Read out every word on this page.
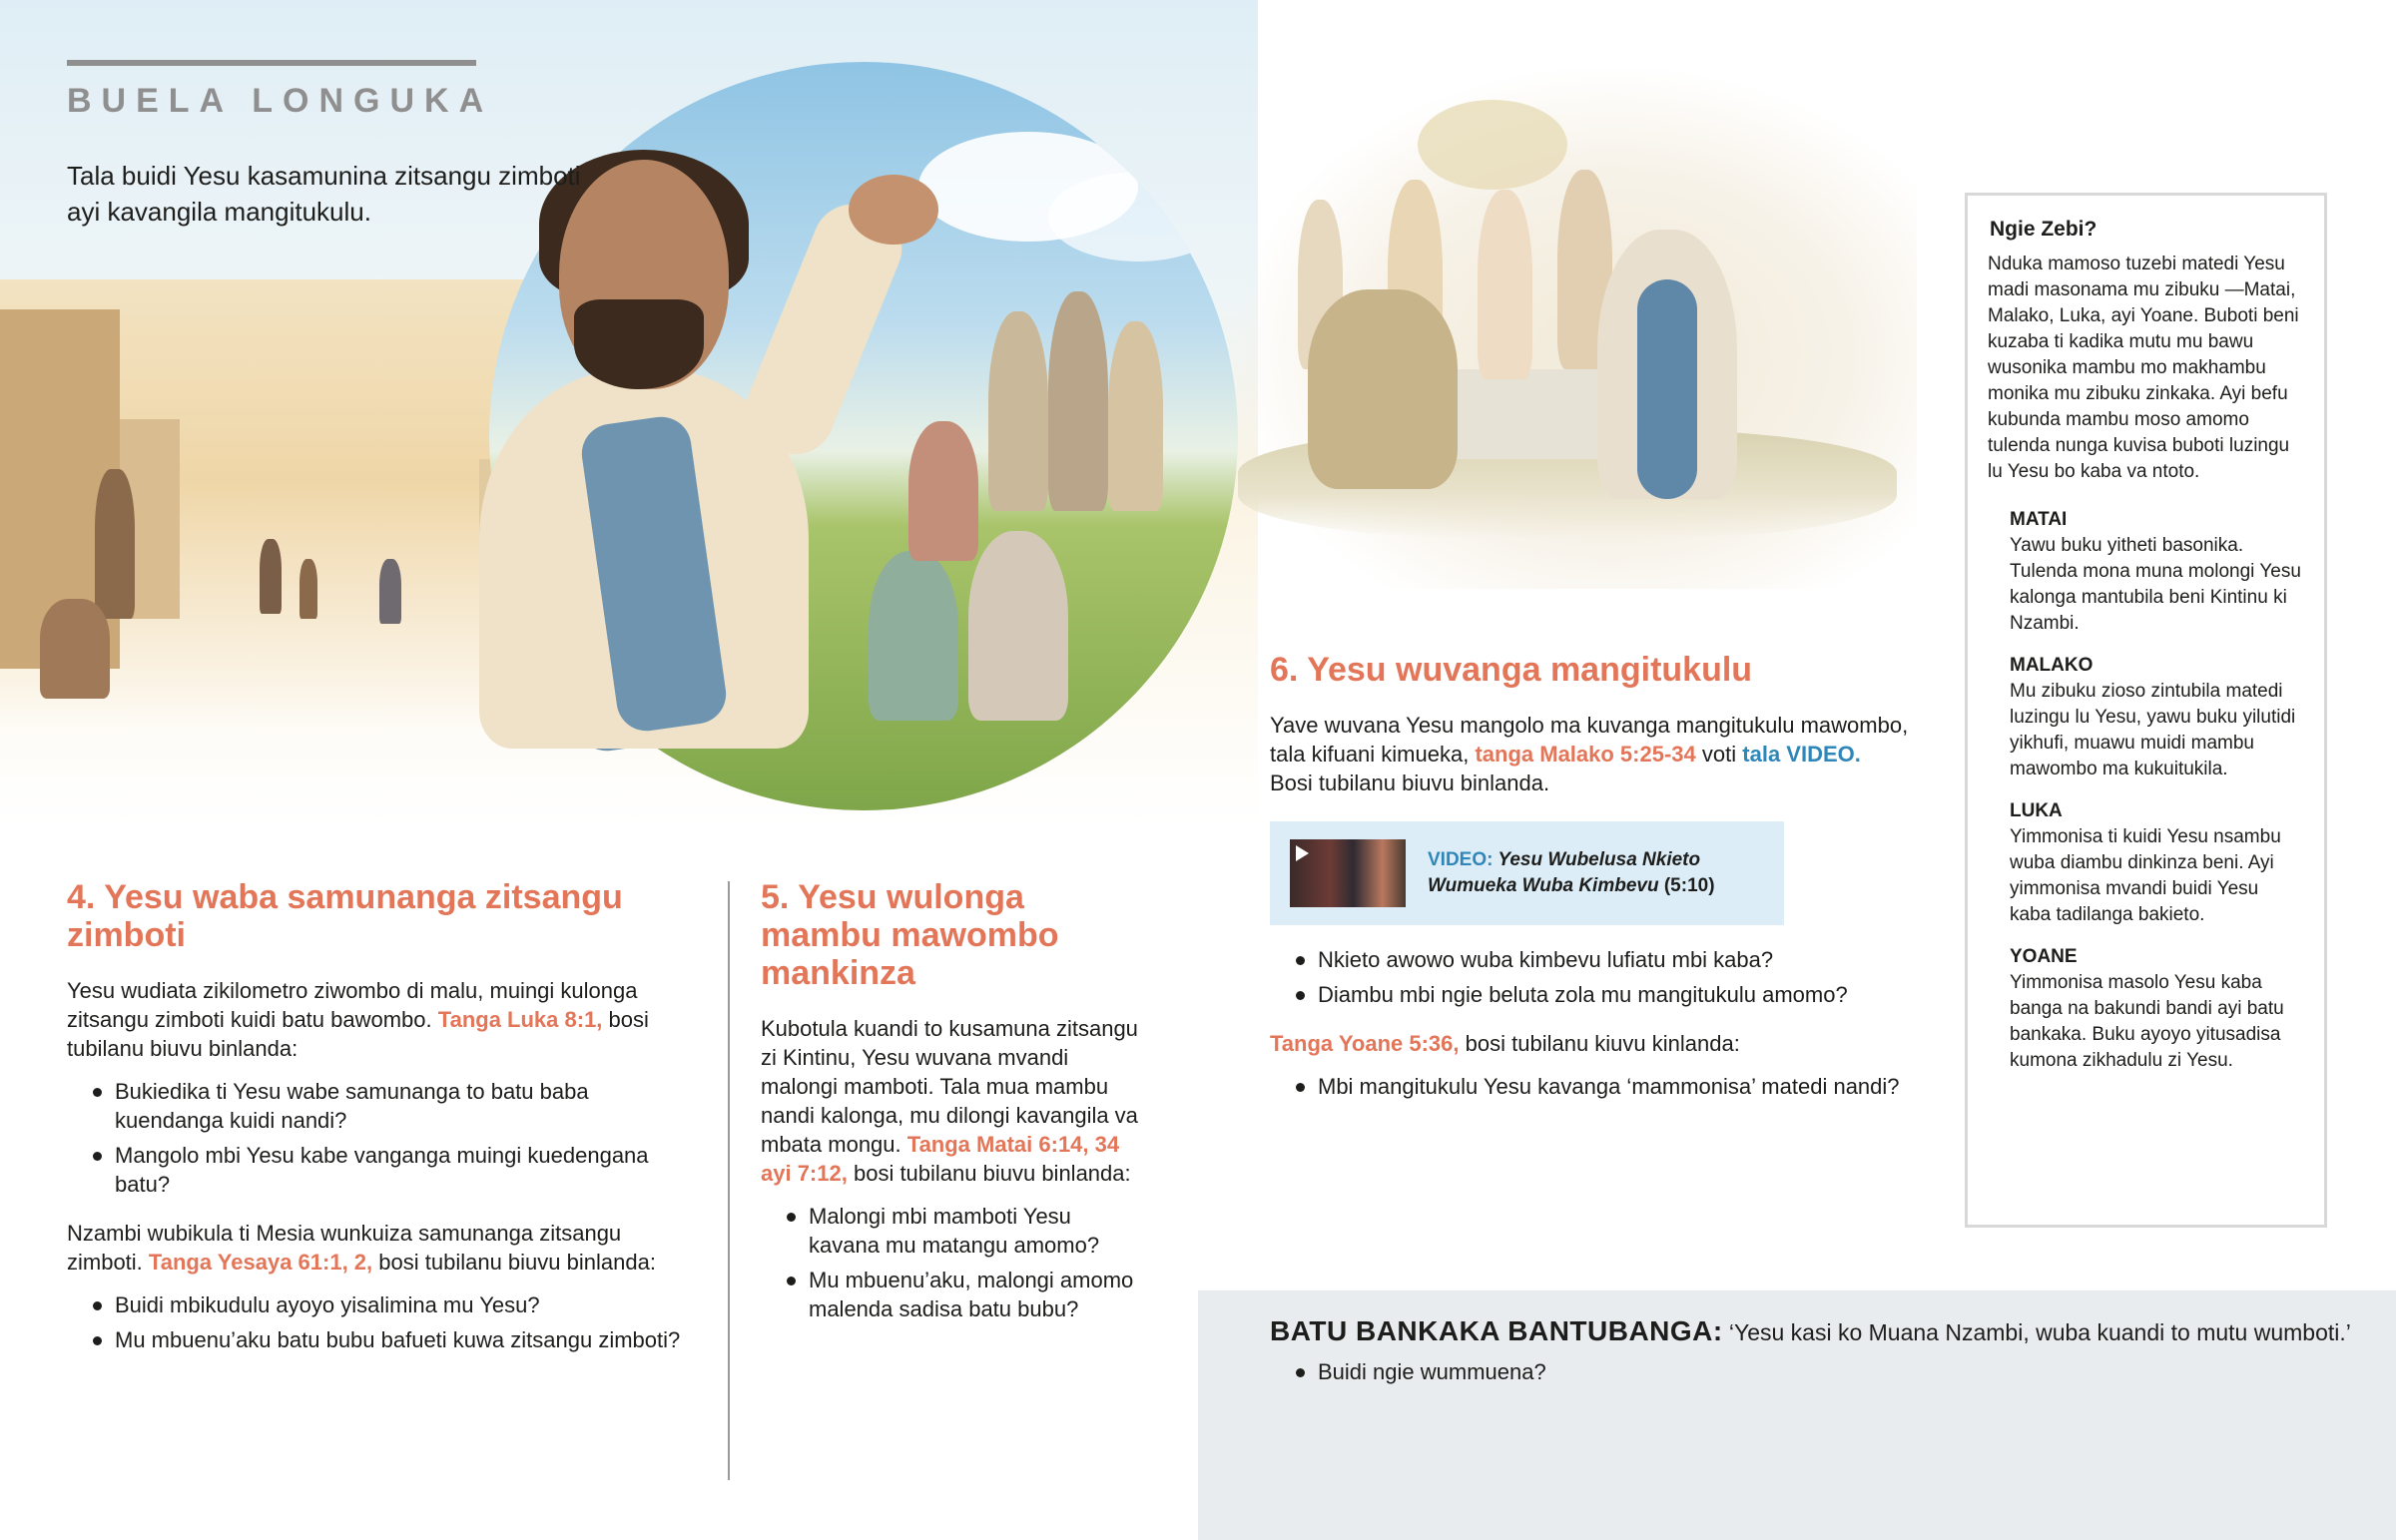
BUELA LONGUKA
Tala buidi Yesu kasamunina zitsangu zimboti ayi kavangila mangitukulu.
4. Yesu waba samunanga zitsangu zimboti

Yesu wudiata zikilometro ziwombo di malu, muingi kulonga zitsangu zimboti kuidi batu bawombo. Tanga Luka 8:1, bosi tubilanu biuvu binlanda:

Bukiedika ti Yesu wabe samunanga to batu baba kuendanga kuidi nandi?
Mangolo mbi Yesu kabe vanganga muingi kuedengana batu?

Nzambi wubikula ti Mesia wunkuiza samunanga zitsangu zimboti. Tanga Yesaya 61:1, 2, bosi tubilanu biuvu binlanda:

Buidi mbikudulu ayoyo yisalimina mu Yesu?
Mu mbuenu’aku batu bubu bafueti kuwa zitsangu zimboti?
5. Yesu wulonga mambu mawombo mankinza

Kubotula kuandi to kusamuna zitsangu zi Kintinu, Yesu wuvana mvandi malongi mamboti. Tala mua mambu nandi kalonga, mu dilongi kavangila va mbata mongu. Tanga Matai 6:14, 34 ayi 7:12, bosi tubilanu biuvu binlanda:

Malongi mbi mamboti Yesu kavana mu matangu amomo?
Mu mbuenu’aku, malongi amomo malenda sadisa batu bubu?
6. Yesu wuvanga mangitukulu

Yave wuvana Yesu mangolo ma kuvanga mangitukulu mawombo, tala kifuani kimueka, tanga Malako 5:25-34 voti tala VIDEO. Bosi tubilanu biuvu binlanda.

VIDEO: Yesu Wubelusa Nkieto Wumueka Wuba Kimbevu (5:10)
Nkieto awowo wuba kimbevu lufiatu mbi kaba?
Diambu mbi ngie beluta zola mu mangitukulu amomo?

Tanga Yoane 5:36, bosi tubilanu kiuvu kinlanda:

Mbi mangitukulu Yesu kavanga ‘mammonisa’ matedi nandi?
Ngie Zebi?

Nduka mamoso tuzebi matedi Yesu madi masonama mu zibuku —Matai, Malako, Luka, ayi Yoane. Buboti beni kuzaba ti kadika mutu mu bawu wusonika mambu mo makhambu monika mu zibuku zinkaka. Ayi befu kubunda mambu moso amomo tulenda nunga kuvisa buboti luzingu lu Yesu bo kaba va ntoto.

MATAI
Yawu buku yitheti basonika. Tulenda mona muna molongi Yesu kalonga mantubila beni Kintinu ki Nzambi.
MALAKO
Mu zibuku zioso zintubila matedi luzingu lu Yesu, yawu buku yilutidi yikhufi, muawu muidi mambu mawombo ma kukuitukila.
LUKA
Yimmonisa ti kuidi Yesu nsambu wuba diambu dinkinza beni. Ayi yimmonisa mvandi buidi Yesu kaba tadilanga bakieto.
YOANE
Yimmonisa masolo Yesu kaba banga na bakundi bandi ayi batu bankaka. Buku ayoyo yitusadisa kumona zikhadulu zi Yesu.
BATU BANKAKA BANTUBANGA: ‘Yesu kasi ko Muana Nzambi, wuba kuandi to mutu wumboti.’
Buidi ngie wummuena?
